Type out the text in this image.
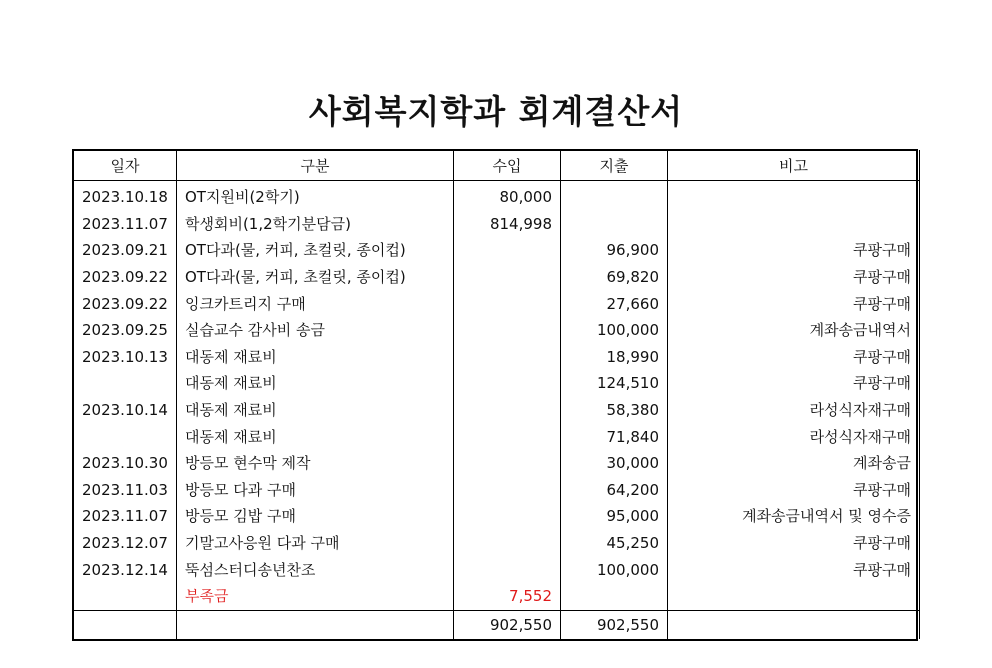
사회복지학과 회계결산서
일자	구분	수입	지출	비고
2023.10.18	OT지원비(2학기)	80,000		
2023.11.07	학생회비(1,2학기분담금)	814,998		
2023.09.21	OT다과(물, 커피, 초컬릿, 종이컵)		96,900	쿠팡구매
2023.09.22	OT다과(물, 커피, 초컬릿, 종이컵)		69,820	쿠팡구매
2023.09.22	잉크카트리지 구매		27,660	쿠팡구매
2023.09.25	실습교수 감사비 송금		100,000	계좌송금내역서
2023.10.13	대동제 재료비		18,990	쿠팡구매
	대동제 재료비		124,510	쿠팡구매
2023.10.14	대동제 재료비		58,380	라성식자재구매
	대동제 재료비		71,840	라성식자재구매
2023.10.30	방등모 현수막 제작		30,000	계좌송금
2023.11.03	방등모 다과 구매		64,200	쿠팡구매
2023.11.07	방등모 김밥 구매		95,000	계좌송금내역서 및 영수증
2023.12.07	기말고사응원 다과 구매		45,250	쿠팡구매
2023.12.14	뚝섬스터디송년찬조		100,000	쿠팡구매
	부족금	7,552		
		902,550	902,550	
